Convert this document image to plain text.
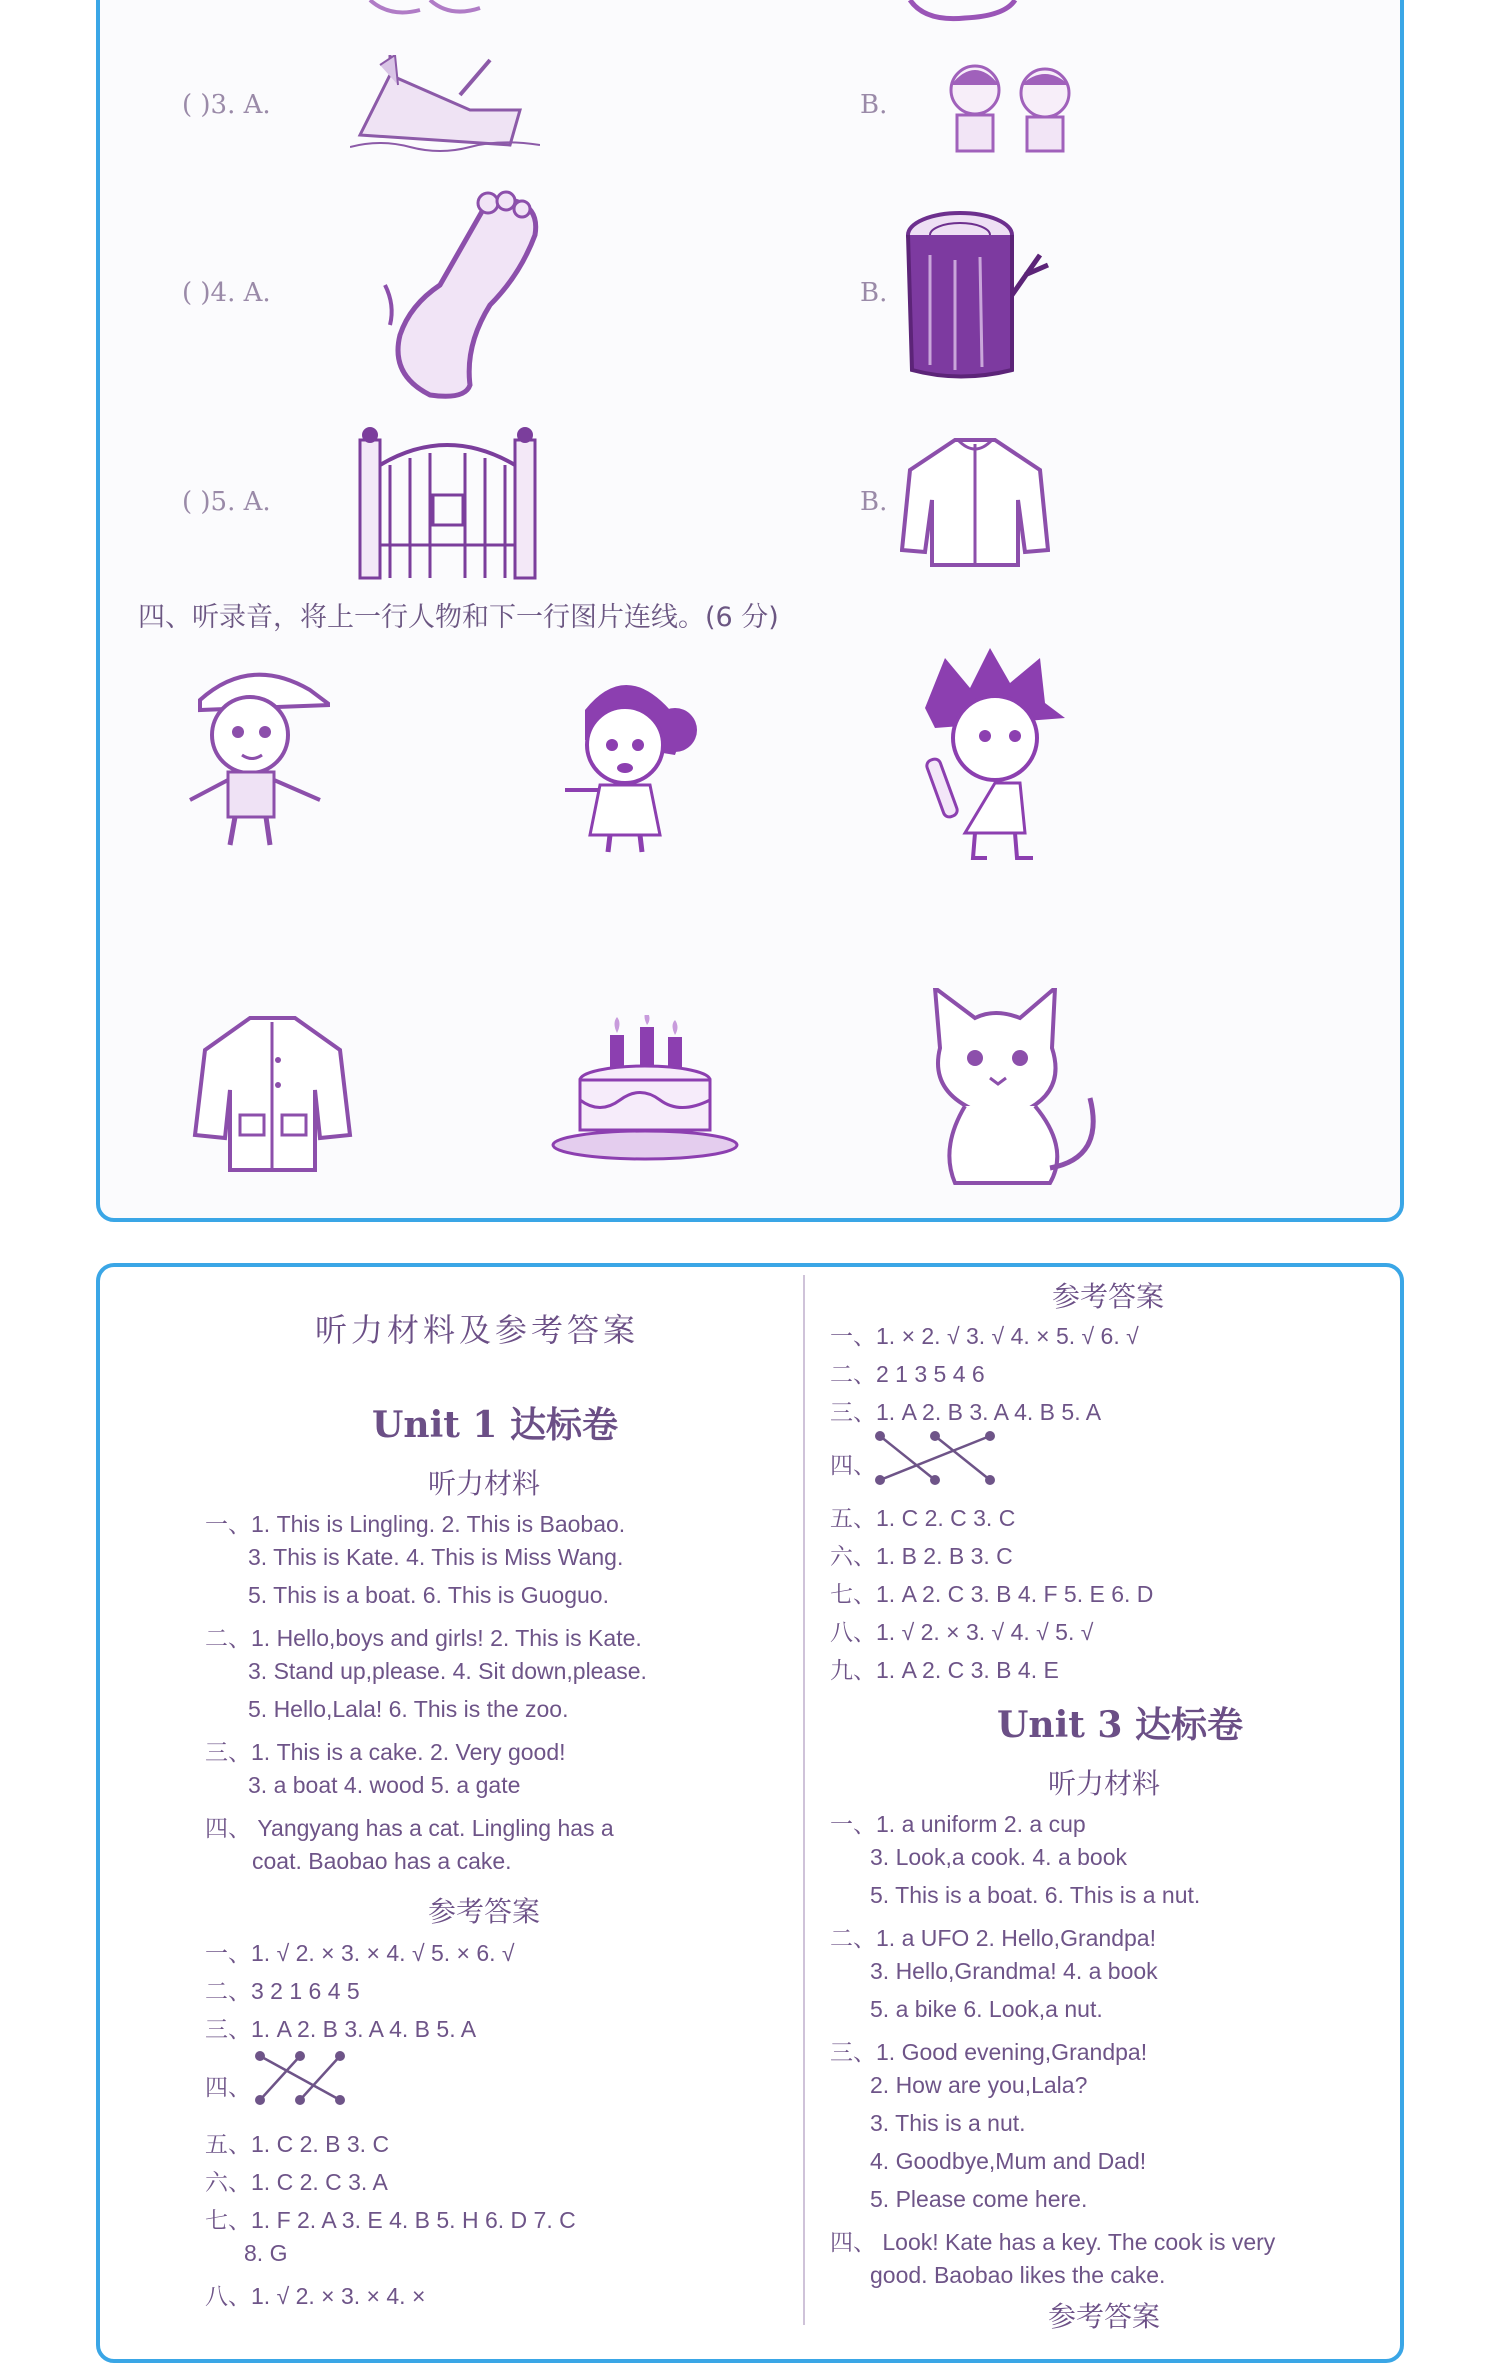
( )3. A.	B.
( )4. A.	B.
( )5. A.	B.
四、听录音，将上一行人物和下一行图片连线。(6 分)
听力材料及参考答案
Unit 1 达标卷
听力材料
一、1. This is Lingling. 2. This is Baobao.
3. This is Kate. 4. This is Miss Wang.
5. This is a boat. 6. This is Guoguo.
二、1. Hello,boys and girls! 2. This is Kate.
3. Stand up,please. 4. Sit down,please.
5. Hello,Lala! 6. This is the zoo.
三、1. This is a cake. 2. Very good!
3. a boat 4. wood 5. a gate
四、 Yangyang has a cat. Lingling has a
coat. Baobao has a cake.
参考答案
一、1. √ 2. × 3. × 4. √ 5. × 6. √
二、3 2 1 6 4 5
三、1. A 2. B 3. A 4. B 5. A
四、
五、1. C 2. B 3. C
六、1. C 2. C 3. A
七、1. F 2. A 3. E 4. B 5. H 6. D 7. C
8. G
八、1. √ 2. × 3. × 4. ×
参考答案
一、1. × 2. √ 3. √ 4. × 5. √ 6. √
二、2 1 3 5 4 6
三、1. A 2. B 3. A 4. B 5. A
四、
五、1. C 2. C 3. C
六、1. B 2. B 3. C
七、1. A 2. C 3. B 4. F 5. E 6. D
八、1. √ 2. × 3. √ 4. √ 5. √
九、1. A 2. C 3. B 4. E
Unit 3 达标卷
听力材料
一、1. a uniform 2. a cup
3. Look,a cook. 4. a book
5. This is a boat. 6. This is a nut.
二、1. a UFO 2. Hello,Grandpa!
3. Hello,Grandma! 4. a book
5. a bike 6. Look,a nut.
三、1. Good evening,Grandpa!
2. How are you,Lala?
3. This is a nut.
4. Goodbye,Mum and Dad!
5. Please come here.
四、 Look! Kate has a key. The cook is very
good. Baobao likes the cake.
参考答案
